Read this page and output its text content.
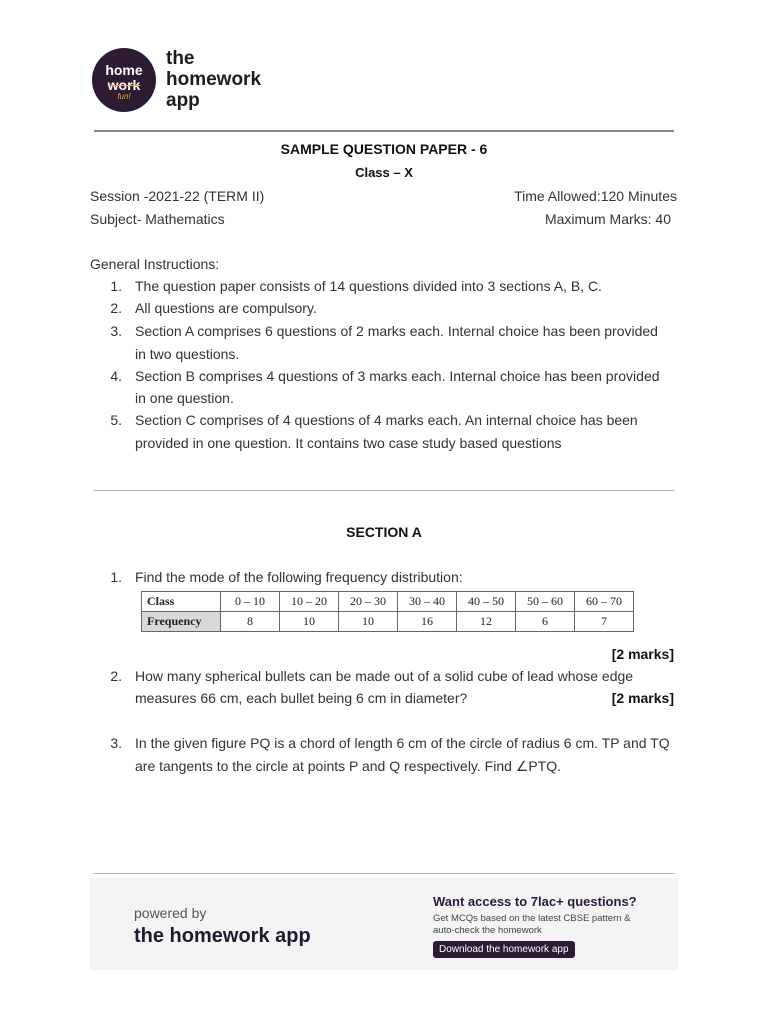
home
work
fun!
the
homework
app
SAMPLE QUESTION PAPER - 6
Class – X
Session -2021-22 (TERM II)
Subject- Mathematics
Time Allowed:120 Minutes
Maximum Marks: 40
General Instructions:
1. The question paper consists of 14 questions divided into 3 sections A, B, C.
2. All questions are compulsory.
3. Section A comprises 6 questions of 2 marks each. Internal choice has been provided
in two questions.
4. Section B comprises 4 questions of 3 marks each. Internal choice has been provided
in one question.
5. Section C comprises of 4 questions of 4 marks each. An internal choice has been
provided in one question. It contains two case study based questions
SECTION A
1. Find the mode of the following frequency distribution:
Class	0 – 10	10 – 20	20 – 30	30 – 40	40 – 50	50 – 60	60 – 70
Frequency	8	10	10	16	12	6	7
[2 marks]
2. How many spherical bullets can be made out of a solid cube of lead whose edge
measures 66 cm, each bullet being 6 cm in diameter?	[2 marks]
3. In the given figure PQ is a chord of length 6 cm of the circle of radius 6 cm. TP and TQ
are tangents to the circle at points P and Q respectively. Find ∠PTQ.
powered by
the homework app
Want access to 7lac+ questions?
Get MCQs based on the latest CBSE pattern &
auto-check the homework
Download the homework app
